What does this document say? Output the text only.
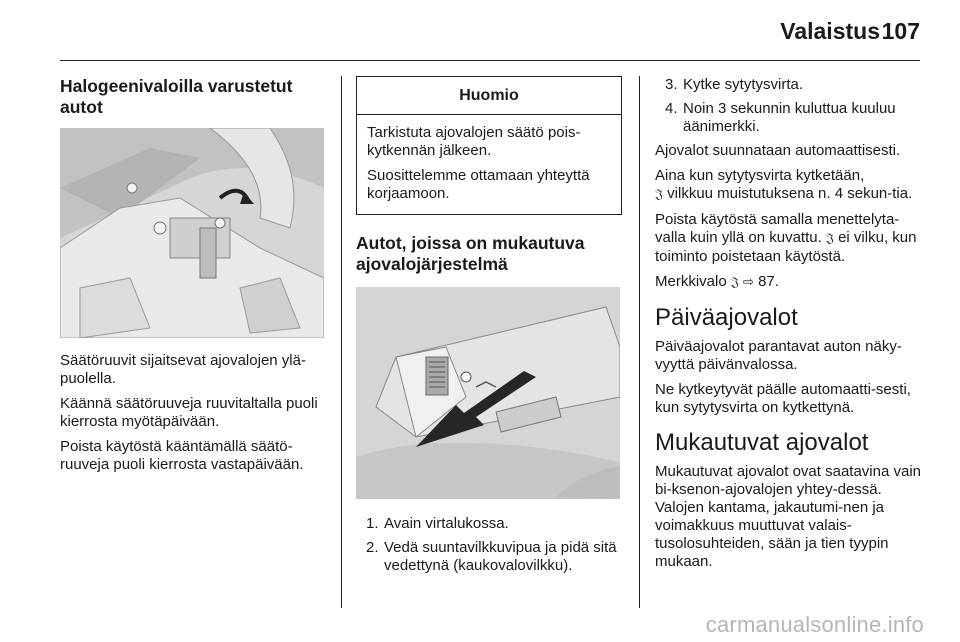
Valaistus 107
Halogeenivaloilla varustetut autot

Säätöruuvit sijaitsevat ajovalojen ylä-puolella.

Käännä säätöruuveja ruuvitaltalla puoli kierrosta myötäpäivään.

Poista käytöstä kääntämällä säätö-ruuveja puoli kierrosta vastapäivään.

Huomio

Tarkistuta ajovalojen säätö pois-kytkennän jälkeen.

Suosittelemme ottamaan yhteyttä korjaamoon.

Autot, joissa on mukautuva ajovalojärjestelmä
1. Avain virtalukossa.
2. Vedä suuntavilkkuvipua ja pidä sitä vedettynä (kaukovalovilkku).
3. Kytke sytytysvirta.
4. Noin 3 sekunnin kuluttua kuuluu äänimerkki.

Ajovalot suunnataan automaattisesti.

Aina kun sytytysvirta kytketään,
𝔍 vilkkuu muistutuksena n. 4 sekun-tia.

Poista käytöstä samalla menettelyta-valla kuin yllä on kuvattu. 𝔍 ei vilku, kun toiminto poistetaan käytöstä.

Merkkivalo 𝔍 ⇨ 87.

Päiväajovalot

Päiväajovalot parantavat auton näky-vyyttä päivänvalossa.

Ne kytkeytyvät päälle automaatti-sesti, kun sytytysvirta on kytkettynä.

Mukautuvat ajovalot

Mukautuvat ajovalot ovat saatavina vain bi-ksenon-ajovalojen yhtey-dessä. Valojen kantama, jakautumi-nen ja voimakkuus muuttuvat valais-tusolosuhteiden, sään ja tien tyypin mukaan.

carmanualsonline.info
